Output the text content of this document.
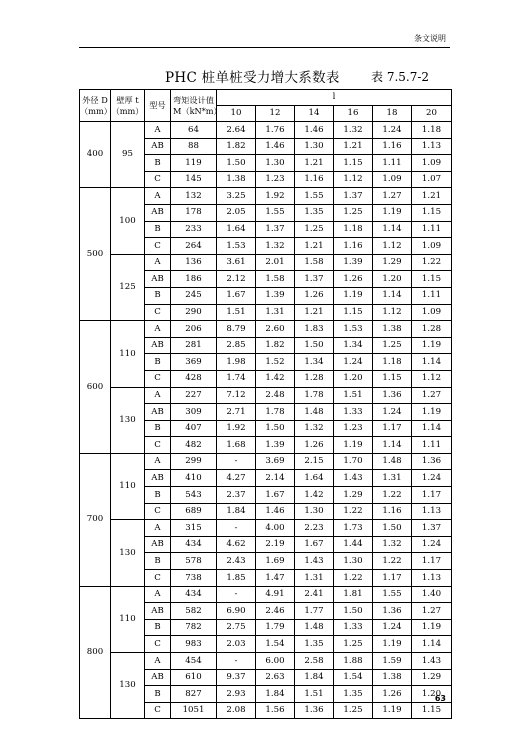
条文说明
PHC 桩单桩受力增大系数表	表 7.5.7-2
外径 D
（mm）	壁厚 t
（mm）	型号	弯矩设计值
M（kN*m）	l					
				10	12	14	16	18	20
400	95	A	64	2.64	1.76	1.46	1.32	1.24	1.18
		AB	88	1.82	1.46	1.30	1.21	1.16	1.13
		B	119	1.50	1.30	1.21	1.15	1.11	1.09
		C	145	1.38	1.23	1.16	1.12	1.09	1.07
500	100	A	132	3.25	1.92	1.55	1.37	1.27	1.21
		AB	178	2.05	1.55	1.35	1.25	1.19	1.15
		B	233	1.64	1.37	1.25	1.18	1.14	1.11
		C	264	1.53	1.32	1.21	1.16	1.12	1.09
	125	A	136	3.61	2.01	1.58	1.39	1.29	1.22
		AB	186	2.12	1.58	1.37	1.26	1.20	1.15
		B	245	1.67	1.39	1.26	1.19	1.14	1.11
		C	290	1.51	1.31	1.21	1.15	1.12	1.09
600	110	A	206	8.79	2.60	1.83	1.53	1.38	1.28
		AB	281	2.85	1.82	1.50	1.34	1.25	1.19
		B	369	1.98	1.52	1.34	1.24	1.18	1.14
		C	428	1.74	1.42	1.28	1.20	1.15	1.12
	130	A	227	7.12	2.48	1.78	1.51	1.36	1.27
		AB	309	2.71	1.78	1.48	1.33	1.24	1.19
		B	407	1.92	1.50	1.32	1.23	1.17	1.14
		C	482	1.68	1.39	1.26	1.19	1.14	1.11
700	110	A	299	-	3.69	2.15	1.70	1.48	1.36
		AB	410	4.27	2.14	1.64	1.43	1.31	1.24
		B	543	2.37	1.67	1.42	1.29	1.22	1.17
		C	689	1.84	1.46	1.30	1.22	1.16	1.13
	130	A	315	-	4.00	2.23	1.73	1.50	1.37
		AB	434	4.62	2.19	1.67	1.44	1.32	1.24
		B	578	2.43	1.69	1.43	1.30	1.22	1.17
		C	738	1.85	1.47	1.31	1.22	1.17	1.13
800	110	A	434	-	4.91	2.41	1.81	1.55	1.40
		AB	582	6.90	2.46	1.77	1.50	1.36	1.27
		B	782	2.75	1.79	1.48	1.33	1.24	1.19
		C	983	2.03	1.54	1.35	1.25	1.19	1.14
	130	A	454	-	6.00	2.58	1.88	1.59	1.43
		AB	610	9.37	2.63	1.84	1.54	1.38	1.29
		B	827	2.93	1.84	1.51	1.35	1.26	1.20
		C	1051	2.08	1.56	1.36	1.25	1.19	1.15
63
